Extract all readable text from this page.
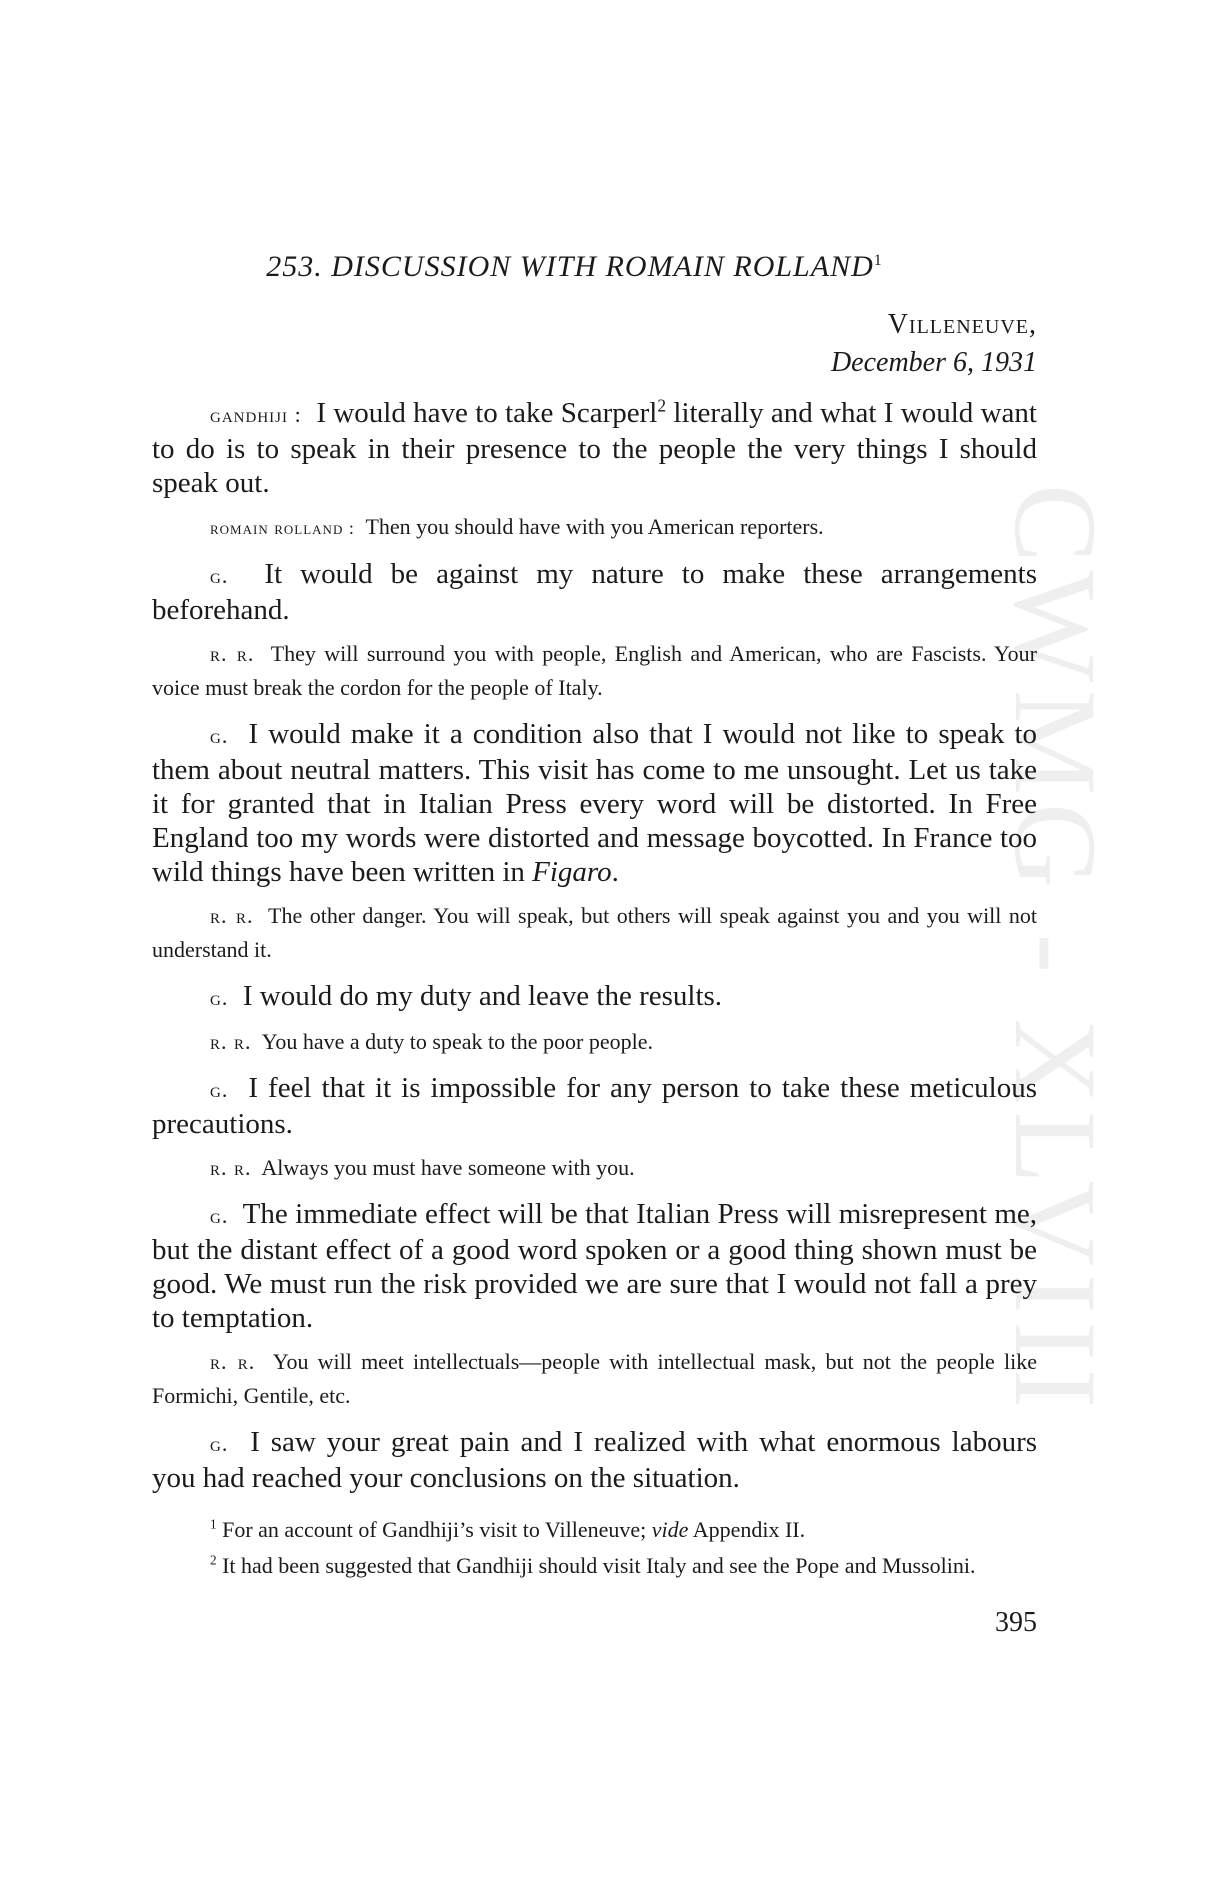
CWMG - XLVIII
253. DISCUSSION WITH ROMAIN ROLLAND$^1$
Villeneuve,
December 6, 1931

gandhiji : I would have to take Scarperl$^2$ literally and what I would want to do is to speak in their presence to the people the very things I should speak out.

romain rolland : Then you should have with you American reporters.

g. It would be against my nature to make these arrangements beforehand.

r. r. They will surround you with people, English and American, who are Fascists. Your voice must break the cordon for the people of Italy.

g. I would make it a condition also that I would not like to speak to them about neutral matters. This visit has come to me unsought. Let us take it for granted that in Italian Press every word will be distorted. In Free England too my words were distorted and message boycotted. In France too wild things have been written in Figaro.

r. r. The other danger. You will speak, but others will speak against you and you will not understand it.

g. I would do my duty and leave the results.

r. r. You have a duty to speak to the poor people.

g. I feel that it is impossible for any person to take these meticulous precautions.

r. r. Always you must have someone with you.

g. The immediate effect will be that Italian Press will misrepresent me, but the distant effect of a good word spoken or a good thing shown must be good. We must run the risk provided we are sure that I would not fall a prey to temptation.

r. r. You will meet intellectuals—people with intellectual mask, but not the people like Formichi, Gentile, etc.

g. I saw your great pain and I realized with what enormous labours you had reached your conclusions on the situation.

$^1$ For an account of Gandhiji’s visit to Villeneuve; vide Appendix II.

$^2$ It had been suggested that Gandhiji should visit Italy and see the Pope and Mussolini.

395
